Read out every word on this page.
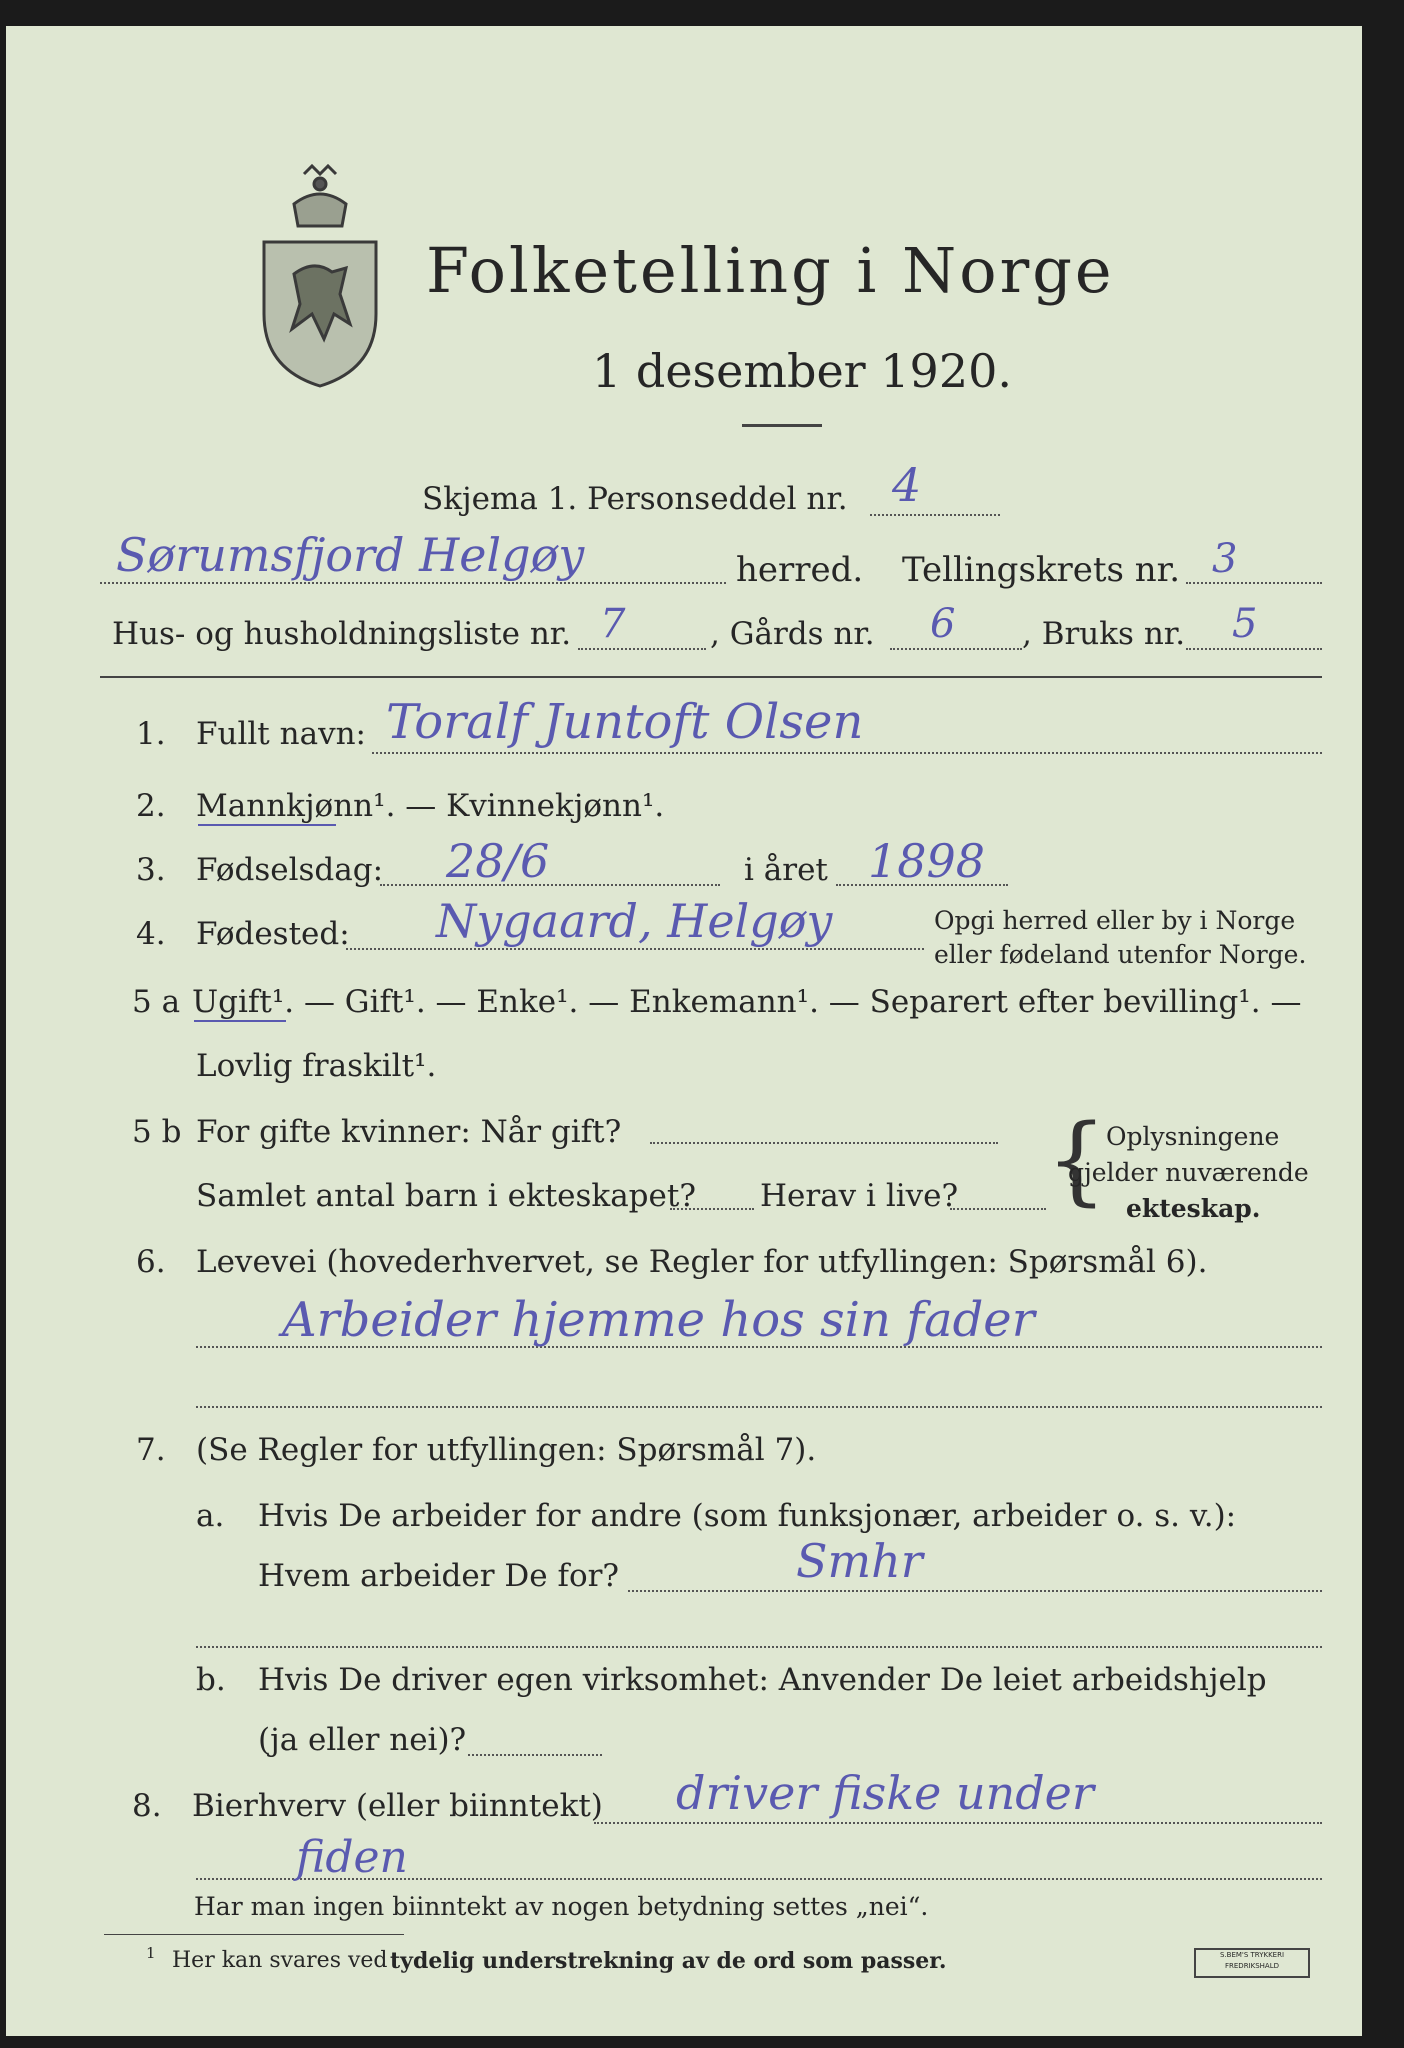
Folketelling i Norge
1 desember 1920.
Skjema 1. Personseddel nr. 4
Sørumsfjord Helgøy	herred. Tellingskrets nr. 3
Hus- og husholdningsliste nr. 7	, Gårds nr. 6 , Bruks nr. 5
1. Fullt navn: Toralf Juntoft Olsen
2. Mannkjønn¹. — Kvinnekjønn¹.
3. Fødselsdag: 28/6	i året 1898
4. Fødested: Nygaard, Helgøy	Opgi herred eller by i Norge
eller fødeland utenfor Norge.
5 a Ugift¹. — Gift¹. — Enke¹. — Enkemann¹. — Separert efter bevilling¹. —
Lovlig fraskilt¹.
5 b For gifte kvinner: Når gift?
Samlet antal barn i ekteskapet? Herav i live? {
Oplysningene
gjelder nuværende
ekteskap.
6. Levevei (hovederhvervet, se Regler for utfyllingen: Spørsmål 6).
Arbeider hjemme hos sin fader
7. (Se Regler for utfyllingen: Spørsmål 7).
a. Hvis De arbeider for andre (som funksjonær, arbeider o. s. v.):
Hvem arbeider De for?	Smhr
b. Hvis De driver egen virksomhet: Anvender De leiet arbeidshjelp
(ja eller nei)?
8. Bierhverv (eller biinntekt) driver fiske under
fiden
Har man ingen biinntekt av nogen betydning settes „nei“.
1 Her kan svares ved tydelig understrekning av de ord som passer.	S.BEM'S TRYKKERI FREDRIKSHALD
